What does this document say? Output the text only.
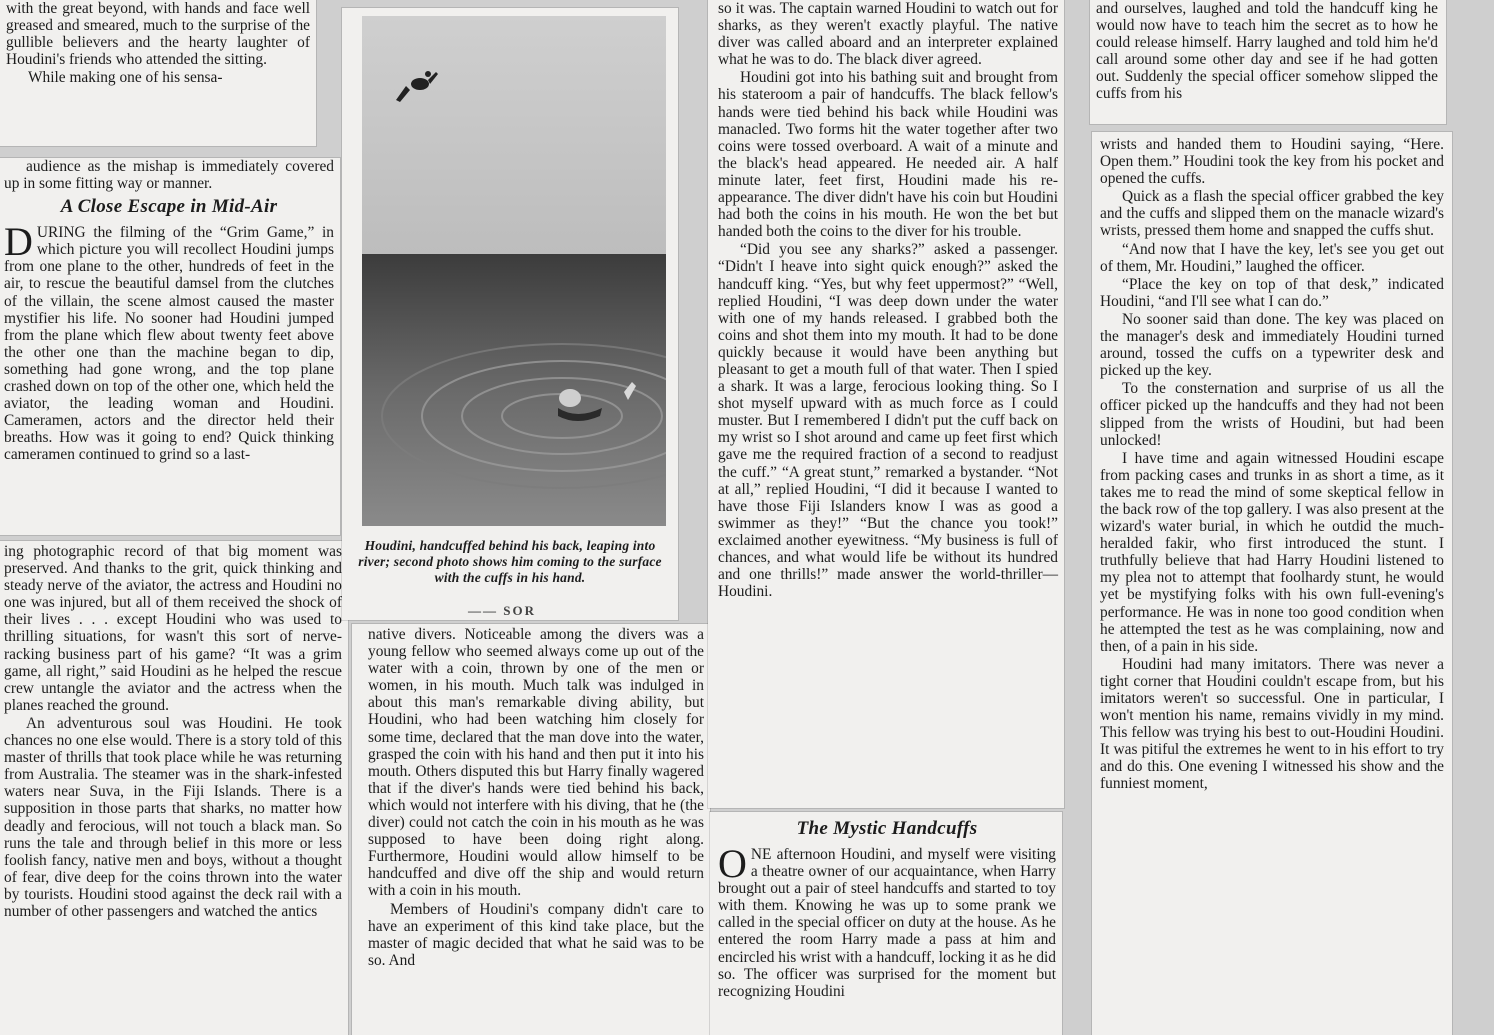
with the great beyond, with hands and face well greased and smeared, much to the surprise of the gullible believers and the hearty laughter of Houdini's friends who attended the sitting.

While making one of his sensa-

audience as the mishap is immediately covered up in some fitting way or manner.

A Close Escape in Mid-Air

DURING the filming of the “Grim Game,” in which picture you will recollect Houdini jumps from one plane to the other, hundreds of feet in the air, to rescue the beautiful damsel from the clutches of the villain, the scene almost caused the master mystifier his life. No sooner had Houdini jumped from the plane which flew about twenty feet above the other one than the machine began to dip, something had gone wrong, and the top plane crashed down on top of the other one, which held the aviator, the leading woman and Houdini. Cameramen, actors and the director held their breaths. How was it going to end? Quick thinking cameramen continued to grind so a last-

ing photographic record of that big moment was preserved. And thanks to the grit, quick thinking and steady nerve of the aviator, the actress and Houdini no one was injured, but all of them received the shock of their lives . . . except Houdini who was used to thrilling situations, for wasn't this sort of nerve-racking business part of his game? “It was a grim game, all right,” said Houdini as he helped the rescue crew untangle the aviator and the actress when the planes reached the ground.

An adventurous soul was Houdini. He took chances no one else would. There is a story told of this master of thrills that took place while he was returning from Australia. The steamer was in the shark-infested waters near Suva, in the Fiji Islands. There is a supposition in those parts that sharks, no matter how deadly and ferocious, will not touch a black man. So runs the tale and through belief in this more or less foolish fancy, native men and boys, without a thought of fear, dive deep for the coins thrown into the water by tourists. Houdini stood against the deck rail with a number of other passengers and watched the antics

Houdini, handcuffed behind his back, leaping into river; second photo shows him coming to the surface with the cuffs in his hand.
—— SOR

native divers. Noticeable among the divers was a young fellow who seemed always come up out of the water with a coin, thrown by one of the men or women, in his mouth. Much talk was indulged in about this man's remarkable diving ability, but Houdini, who had been watching him closely for some time, declared that the man dove into the water, grasped the coin with his hand and then put it into his mouth. Others disputed this but Harry finally wagered that if the diver's hands were tied behind his back, which would not interfere with his diving, that he (the diver) could not catch the coin in his mouth as he was supposed to have been doing right along. Furthermore, Houdini would allow himself to be handcuffed and dive off the ship and would return with a coin in his mouth.

Members of Houdini's company didn't care to have an experiment of this kind take place, but the master of magic decided that what he said was to be so. And

so it was. The captain warned Houdini to watch out for sharks, as they weren't exactly playful. The native diver was called aboard and an interpreter explained what he was to do. The black diver agreed.

Houdini got into his bathing suit and brought from his stateroom a pair of handcuffs. The black fellow's hands were tied behind his back while Houdini was manacled. Two forms hit the water together after two coins were tossed overboard. A wait of a minute and the black's head appeared. He needed air. A half minute later, feet first, Houdini made his re-appearance. The diver didn't have his coin but Houdini had both the coins in his mouth. He won the bet but handed both the coins to the diver for his trouble.

“Did you see any sharks?” asked a passenger. “Didn't I heave into sight quick enough?” asked the handcuff king. “Yes, but why feet uppermost?” “Well, replied Houdini, “I was deep down under the water with one of my hands released. I grabbed both the coins and shot them into my mouth. It had to be done quickly because it would have been anything but pleasant to get a mouth full of that water. Then I spied a shark. It was a large, ferocious looking thing. So I shot myself upward with as much force as I could muster. But I remembered I didn't put the cuff back on my wrist so I shot around and came up feet first which gave me the required fraction of a second to readjust the cuff.” “A great stunt,” remarked a bystander. “Not at all,” replied Houdini, “I did it because I wanted to have those Fiji Islanders know I was as good a swimmer as they!” “But the chance you took!” exclaimed another eyewitness. “My business is full of chances, and what would life be without its hundred and one thrills!” made answer the world-thriller—Houdini.

The Mystic Handcuffs

ONE afternoon Houdini, and myself were visiting a theatre owner of our acquaintance, when Harry brought out a pair of steel handcuffs and started to toy with them. Knowing he was up to some prank we called in the special officer on duty at the house. As he entered the room Harry made a pass at him and encircled his wrist with a handcuff, locking it as he did so. The officer was surprised for the moment but recognizing Houdini

and ourselves, laughed and told the handcuff king he would now have to teach him the secret as to how he could release himself. Harry laughed and told him he'd call around some other day and see if he had gotten out. Suddenly the special officer somehow slipped the cuffs from his

wrists and handed them to Houdini saying, “Here. Open them.” Houdini took the key from his pocket and opened the cuffs.

Quick as a flash the special officer grabbed the key and the cuffs and slipped them on the manacle wizard's wrists, pressed them home and snapped the cuffs shut.

“And now that I have the key, let's see you get out of them, Mr. Houdini,” laughed the officer.

“Place the key on top of that desk,” indicated Houdini, “and I'll see what I can do.”

No sooner said than done. The key was placed on the manager's desk and immediately Houdini turned around, tossed the cuffs on a typewriter desk and picked up the key.

To the consternation and surprise of us all the officer picked up the handcuffs and they had not been slipped from the wrists of Houdini, but had been unlocked!

I have time and again witnessed Houdini escape from packing cases and trunks in as short a time, as it takes me to read the mind of some skeptical fellow in the back row of the top gallery. I was also present at the wizard's water burial, in which he outdid the much-heralded fakir, who first introduced the stunt. I truthfully believe that had Harry Houdini listened to my plea not to attempt that foolhardy stunt, he would yet be mystifying folks with his own full-evening's performance. He was in none too good condition when he attempted the test as he was complaining, now and then, of a pain in his side.

Houdini had many imitators. There was never a tight corner that Houdini couldn't escape from, but his imitators weren't so successful. One in particular, I won't mention his name, remains vividly in my mind. This fellow was trying his best to out-Houdini Houdini. It was pitiful the extremes he went to in his effort to try and do this. One evening I witnessed his show and the funniest moment,
